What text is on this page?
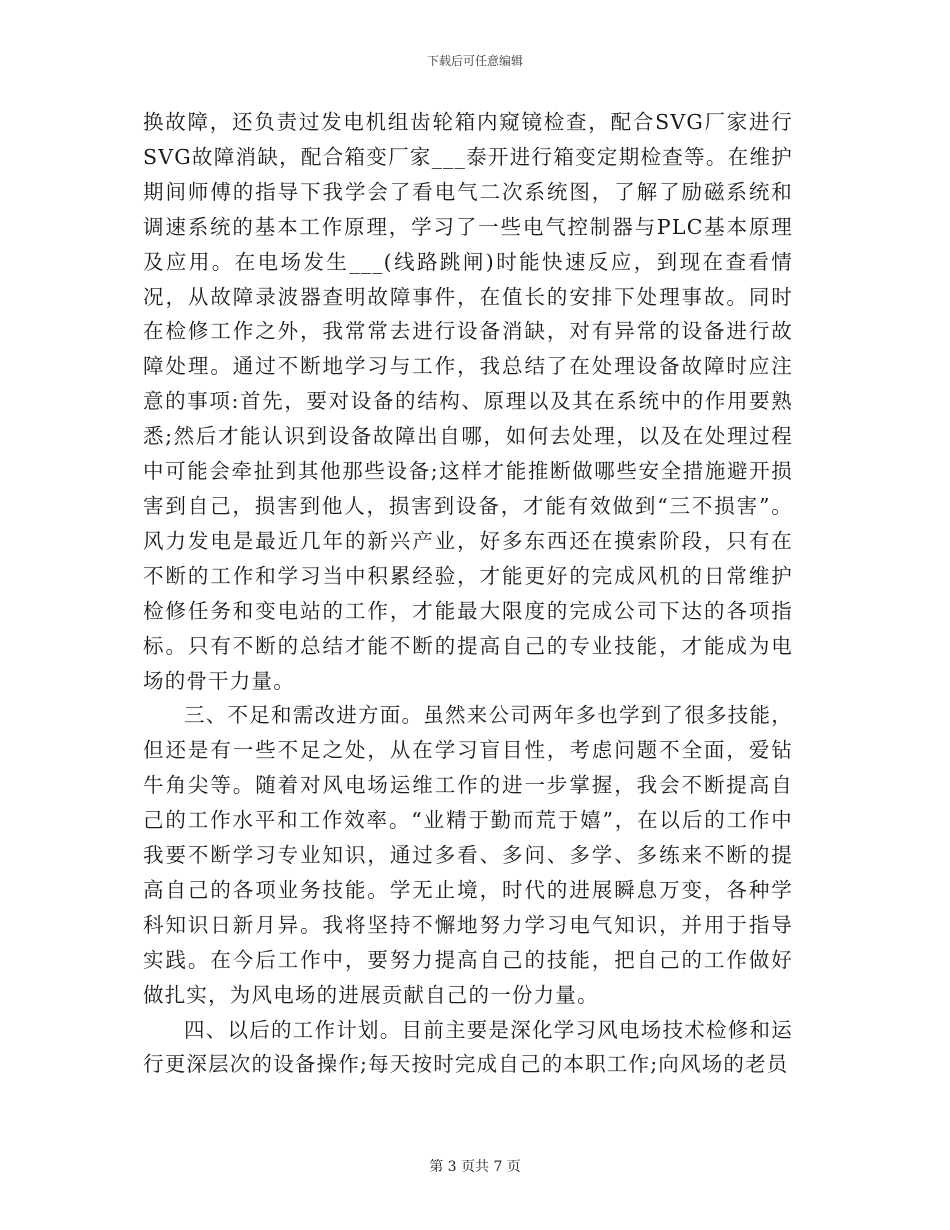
下载后可任意编辑

换故障，还负责过发电机组齿轮箱内窥镜检查，配合SVG厂家进行SVG故障消缺，配合箱变厂家___泰开进行箱变定期检查等。在维护期间师傅的指导下我学会了看电气二次系统图，了解了励磁系统和调速系统的基本工作原理，学习了一些电气控制器与PLC基本原理及应用。在电场发生___(线路跳闸)时能快速反应，到现在查看情况，从故障录波器查明故障事件，在值长的安排下处理事故。同时在检修工作之外，我常常去进行设备消缺，对有异常的设备进行故障处理。通过不断地学习与工作，我总结了在处理设备故障时应注意的事项:首先，要对设备的结构、原理以及其在系统中的作用要熟悉;然后才能认识到设备故障出自哪，如何去处理，以及在处理过程中可能会牵扯到其他那些设备;这样才能推断做哪些安全措施避开损害到自己，损害到他人，损害到设备，才能有效做到“三不损害”。风力发电是最近几年的新兴产业，好多东西还在摸索阶段，只有在不断的工作和学习当中积累经验，才能更好的完成风机的日常维护检修任务和变电站的工作，才能最大限度的完成公司下达的各项指标。只有不断的总结才能不断的提高自己的专业技能，才能成为电场的骨干力量。

三、不足和需改进方面。虽然来公司两年多也学到了很多技能，但还是有一些不足之处，从在学习盲目性，考虑问题不全面，爱钻牛角尖等。随着对风电场运维工作的进一步掌握，我会不断提高自己的工作水平和工作效率。“业精于勤而荒于嬉”，在以后的工作中我要不断学习专业知识，通过多看、多问、多学、多练来不断的提高自己的各项业务技能。学无止境，时代的进展瞬息万变，各种学科知识日新月异。我将坚持不懈地努力学习电气知识，并用于指导实践。在今后工作中，要努力提高自己的技能，把自己的工作做好做扎实，为风电场的进展贡献自己的一份力量。

四、以后的工作计划。目前主要是深化学习风电场技术检修和运行更深层次的设备操作;每天按时完成自己的本职工作;向风场的老员

第 3 页共 7 页
